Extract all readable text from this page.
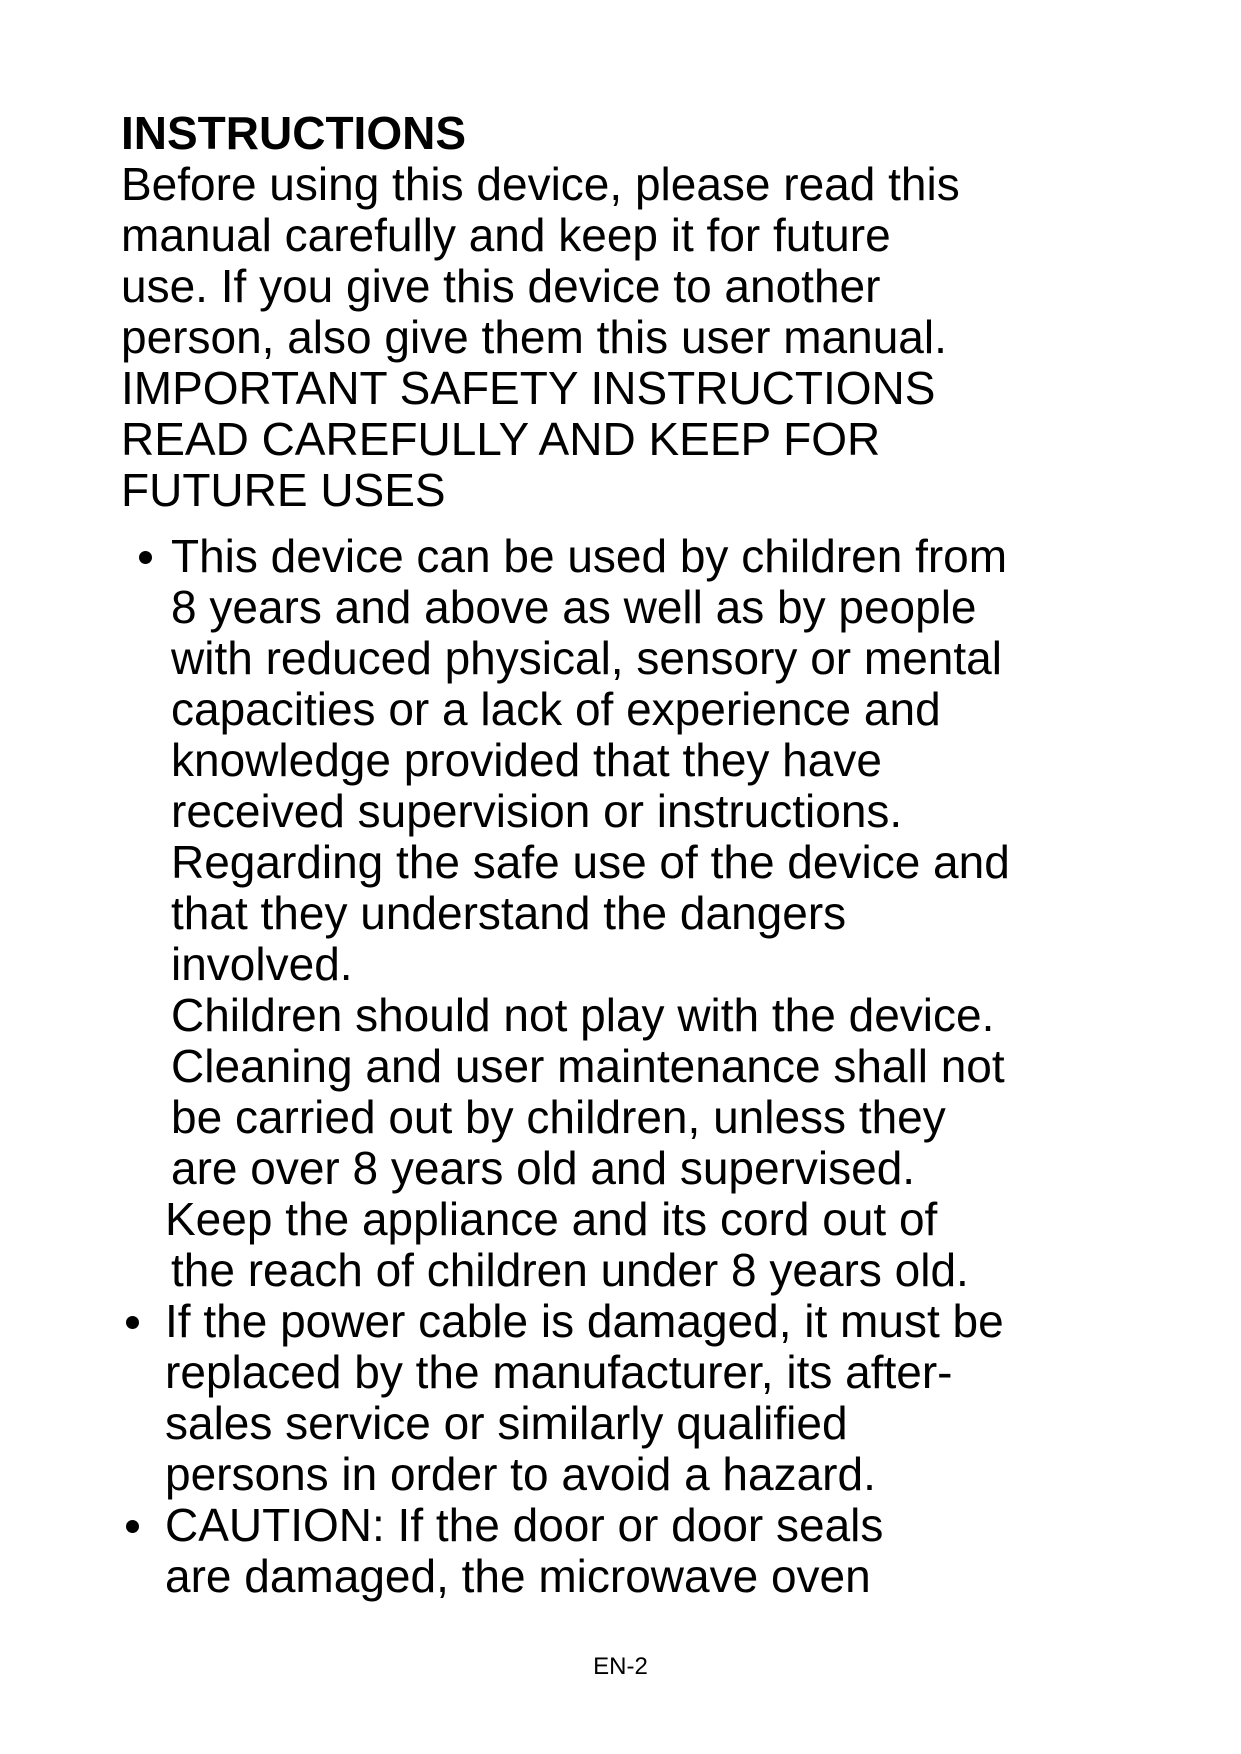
INSTRUCTIONS

Before using this device, please read this

manual carefully and keep it for future

use. If you give this device to another

person, also give them this user manual.

IMPORTANT SAFETY INSTRUCTIONS

READ CAREFULLY AND KEEP FOR

FUTURE USES

This device can be used by children from

8 years and above as well as by people

with reduced physical, sensory or mental

capacities or a lack of experience and

knowledge provided that they have

received supervision or instructions.

Regarding the safe use of the device and

that they understand the dangers

involved.

Children should not play with the device.

Cleaning and user maintenance shall not

be carried out by children, unless they

are over 8 years old and supervised.

Keep the appliance and its cord out of

the reach of children under 8 years old.

If the power cable is damaged, it must be

replaced by the manufacturer, its after-

sales service or similarly qualified

persons in order to avoid a hazard.

CAUTION: If the door or door seals

are damaged, the microwave oven

EN-2
